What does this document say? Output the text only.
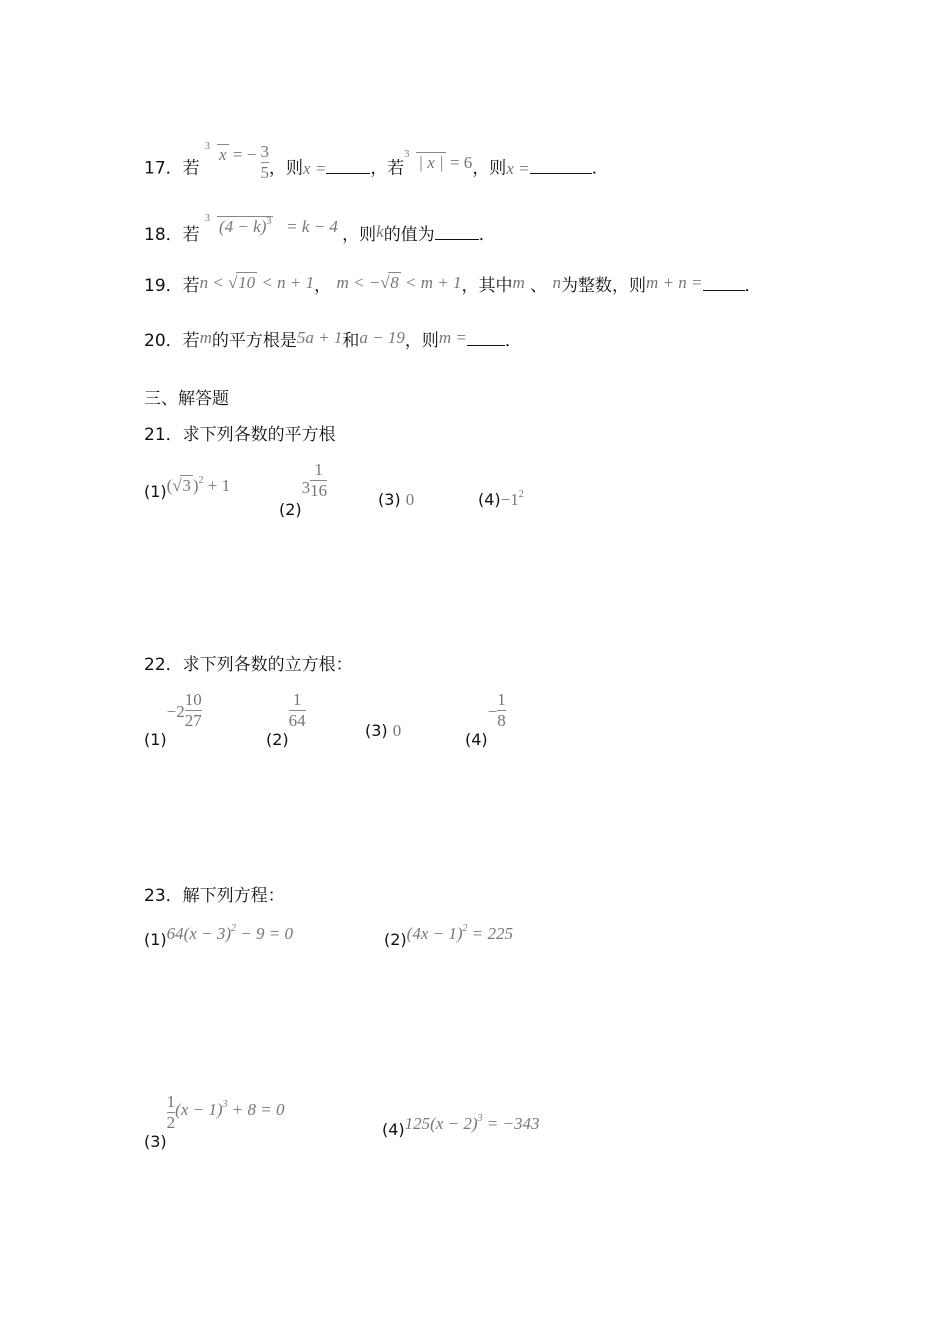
17．若
3 x = − $\frac{3}{5}$ ，则x =	，若
3 | x | = 6，则x =	．
18．若
3 $(4 - k)^3 = k - 4$ ，则k的值为	．
19．若n < √ 10 < n + 1， m < − √ 8 < m + 1，其中m 、 n为整数，则m + n = ．
20．若m的平方根是5a + 1和a − 19，则m = ．
三、解答题
21．求下列各数的平方根
(1)( √ 3 )$^2$ + 1
$(2)3 \frac{1}{16}$	(3) 0	$(4)-1^2$
22．求下列各数的立方根：
$(1)-2 \frac{10}{27}$
(2)
$\frac{1}{64}$	(3) 0	$(4)- \frac{1}{8}$
23．解下列方程：
$(1)64(x - 3)^2 - 9 = 0$	$(2)(4x - 1)^2 = 225$
(3)
$\frac{1}{2} (x - 1)^3 + 8 = 0$
$(4)125(x - 2)^3 = -343$
